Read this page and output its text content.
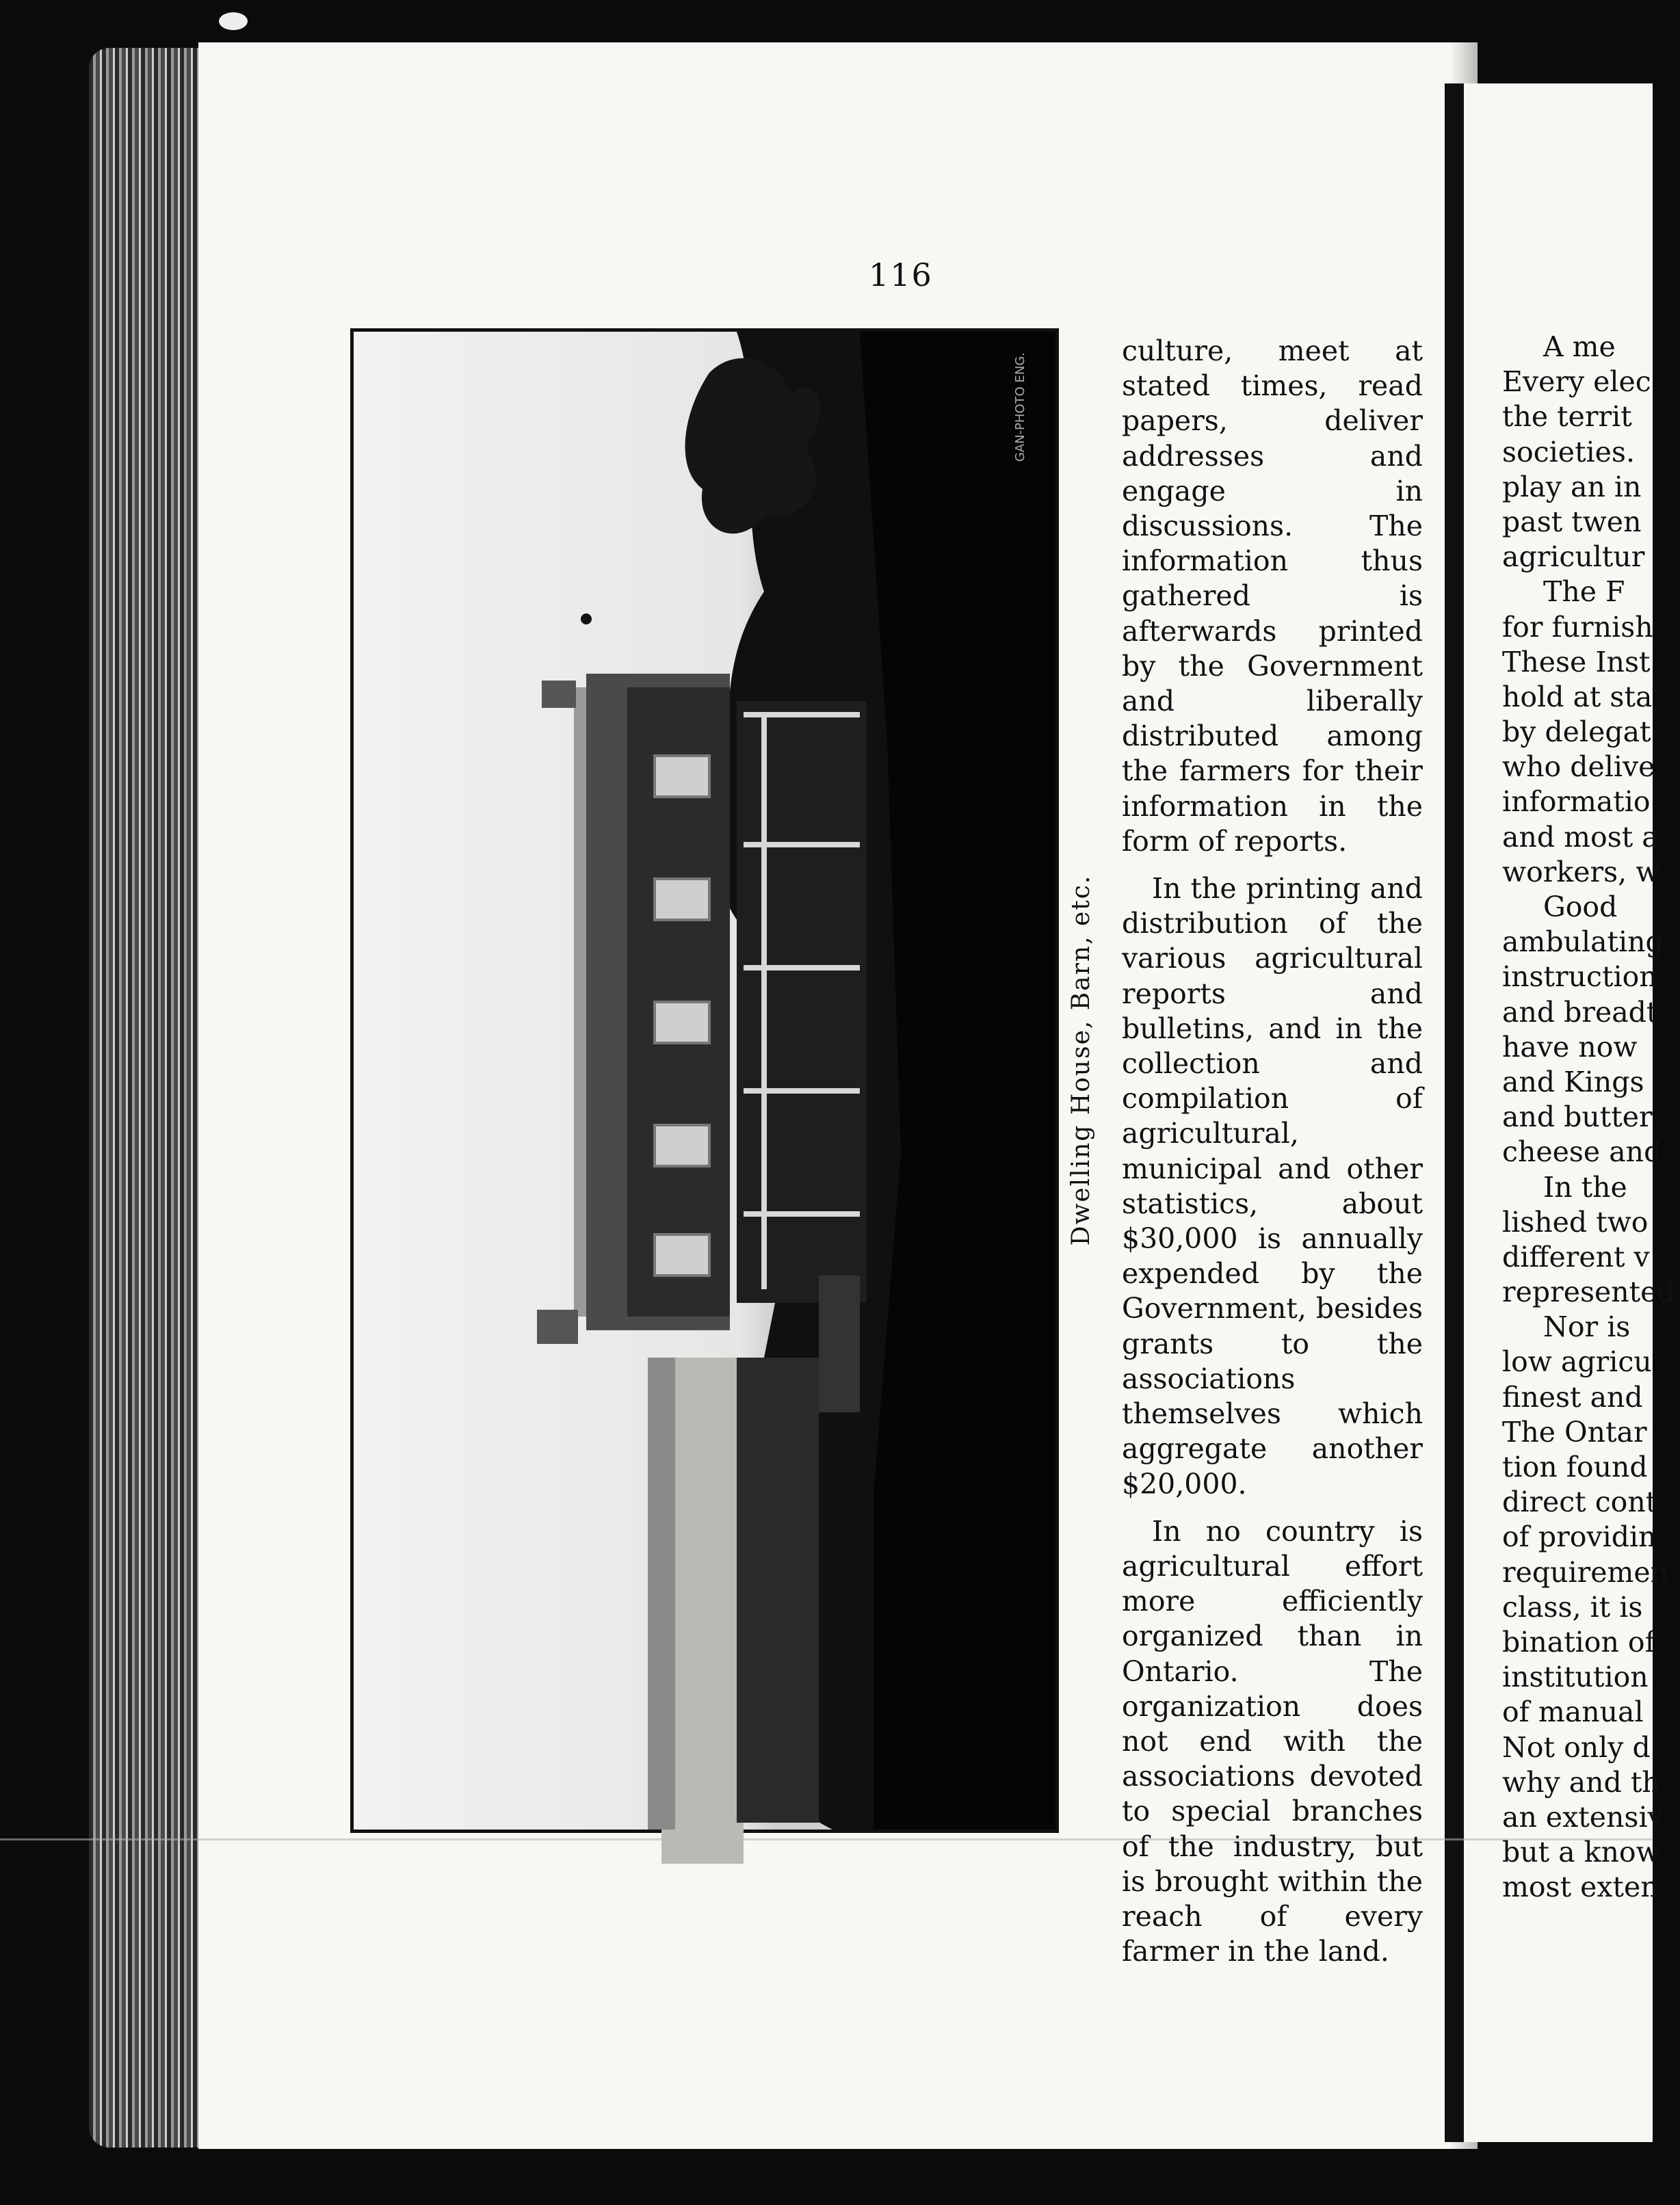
116
GAN-PHOTO ENG.
Dwelling House, Barn, etc.

culture, meet at stated times, read papers, deliver addresses and engage in discussions. The information thus gathered is afterwards printed by the Government and liberally distributed among the farmers for their information in the form of reports.

In the printing and distribution of the various agricultural reports and bulletins, and in the collection and compilation of agricultural, municipal and other statistics, about $30,000 is annually expended by the Government, besides grants to the associations themselves which aggregate another $20,000.

In no country is agricultural effort more efficiently organized than in Ontario. The organization does not end with the associations devoted to special branches of the industry, but is brought within the reach of every farmer in the land.

A me
Every elec
the territ
societies.
play an in
past twen
agricultur
The F
for furnish
These Inst
hold at sta
by delegat
who delive
informatio
and most a
workers, w
Good
ambulating
instruction
and breadt
have now
and Kings
and butter
cheese and
In the
lished two
different v
represented
Nor is
low agricu
finest and
The Ontar
tion found
direct cont
of providin
requiremen
class, it is
bination of
institution
of manual
Not only d
why and th
an extensiv
but a know
most exten
